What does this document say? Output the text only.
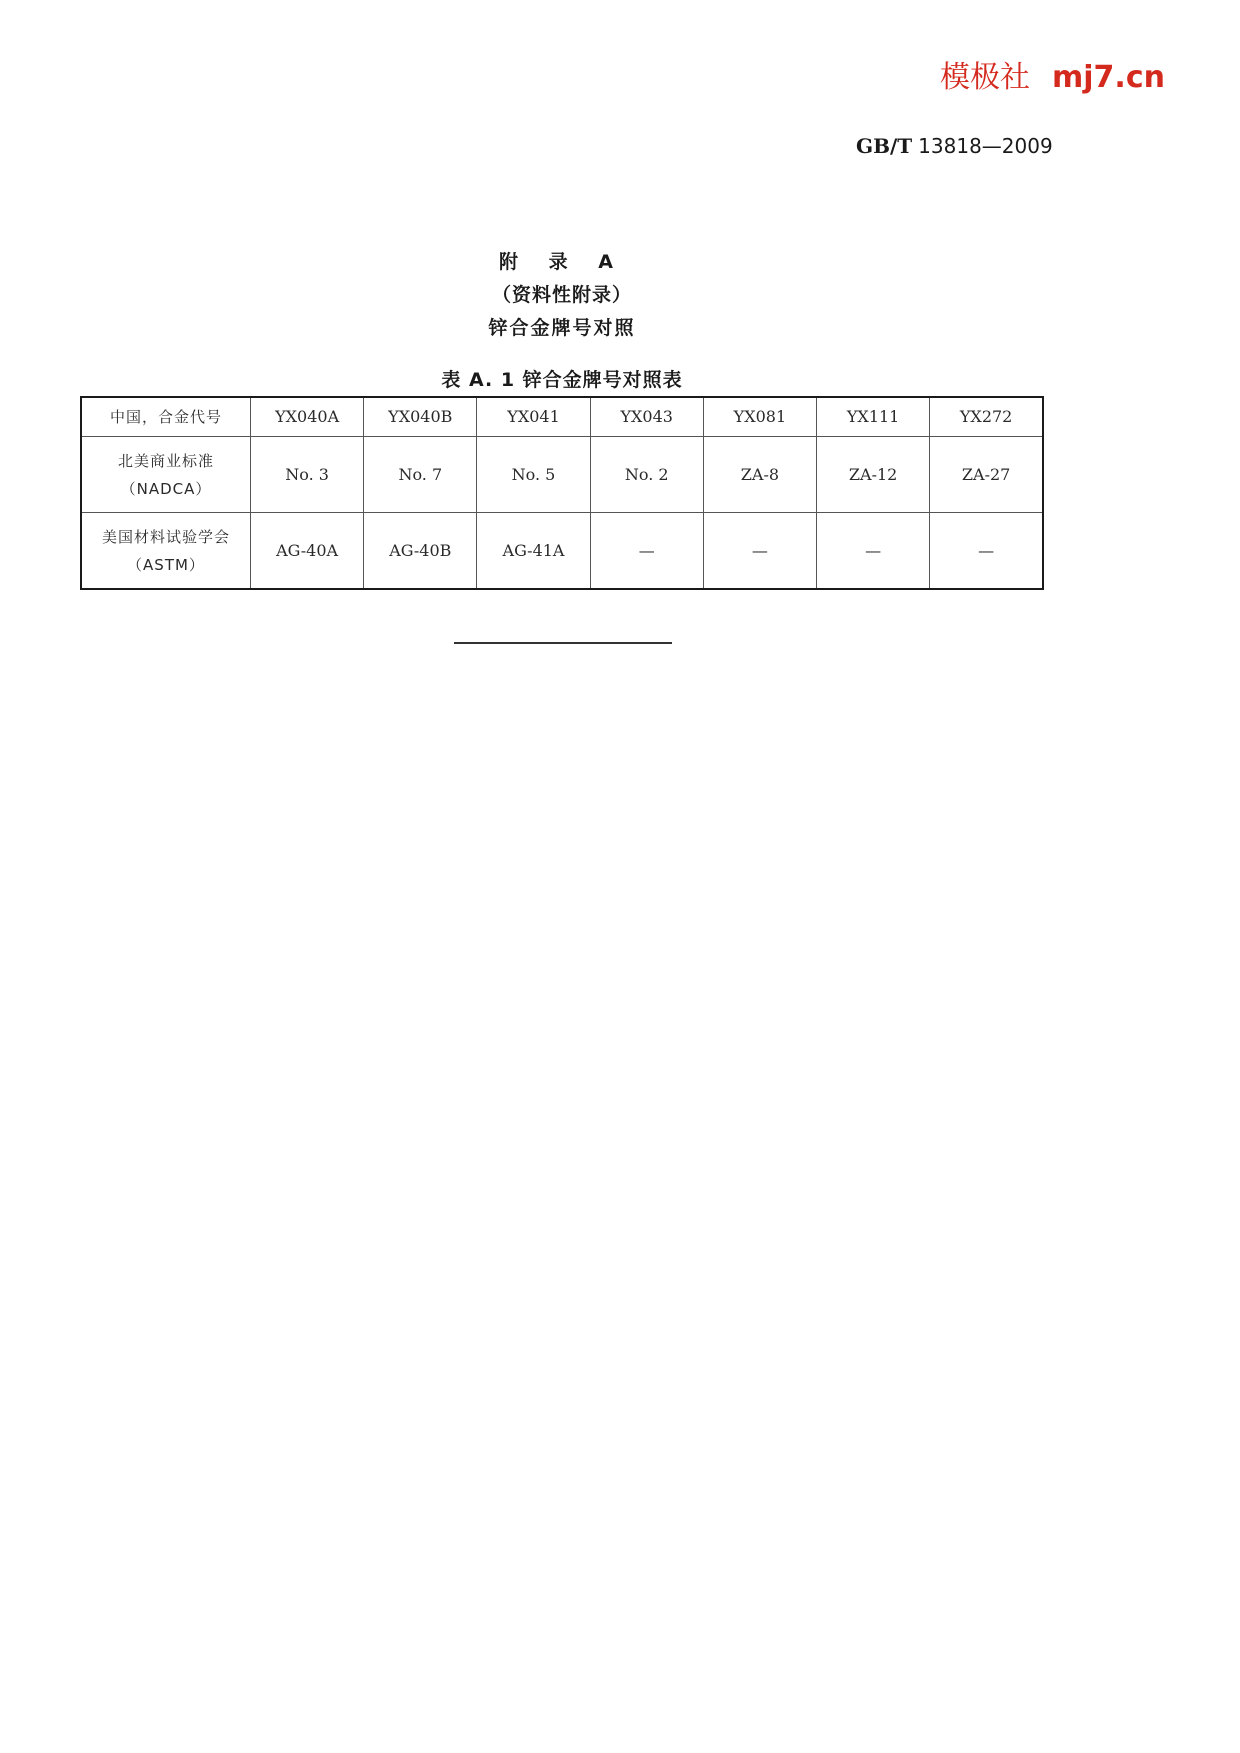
模极社 mj7.cn
GB/T 13818—2009
附 录 A
（资料性附录）
锌合金牌号对照
表 A. 1 锌合金牌号对照表
中国，合金代号	YX040A	YX040B	YX041	YX043	YX081	YX111	YX272

北美商业标准
（NADCA）	No. 3	No. 7	No. 5	No. 2	ZA-8	ZA-12	ZA-27

美国材料试验学会
（ASTM）	AG-40A	AG-40B	AG-41A	—	—	—	—
